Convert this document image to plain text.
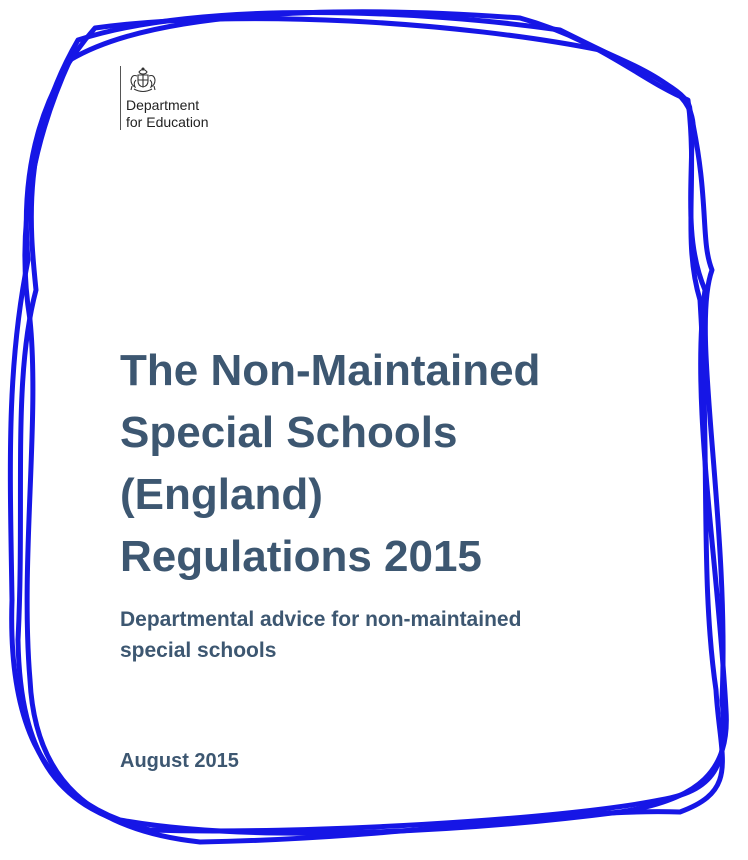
Department
for Education
The Non-Maintained
Special Schools
(England)
Regulations 2015
Departmental advice for non-maintained
special schools
August 2015
